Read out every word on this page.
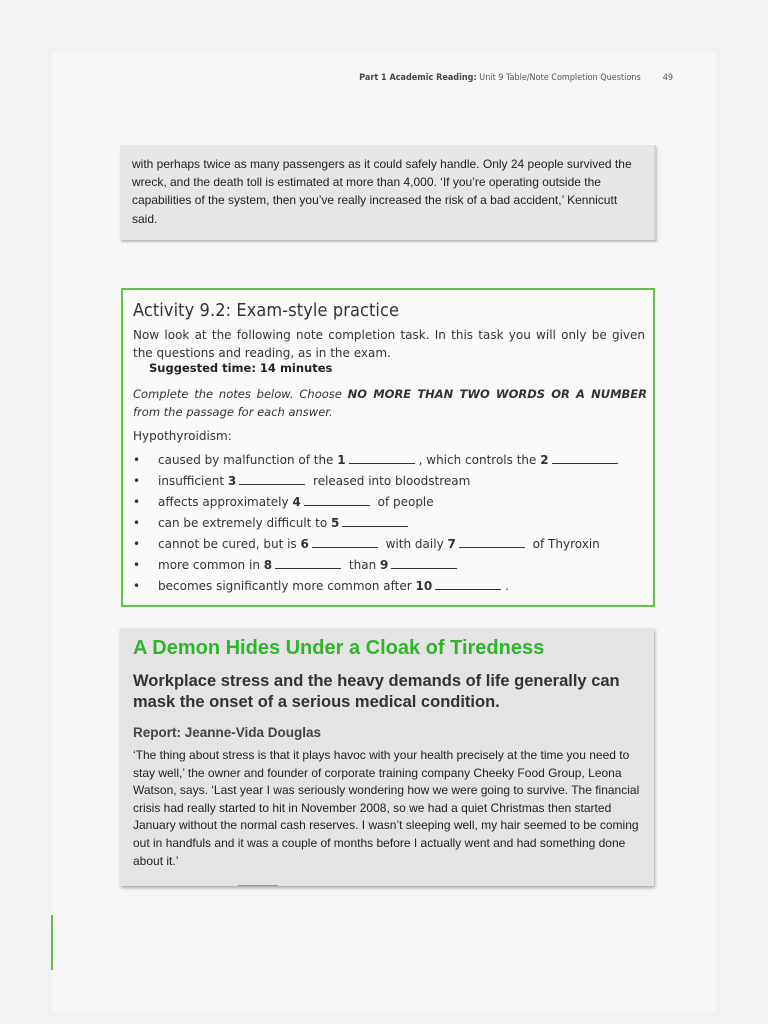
Part 1 Academic Reading: Unit 9 Table/Note Completion Questions 49

with perhaps twice as many passengers as it could safely handle. Only 24 people survived the wreck, and the death toll is estimated at more than 4,000. ‘If you’re operating outside the capabilities of the system, then you’ve really increased the risk of a bad accident,’ Kennicutt said.

Activity 9.2: Exam-style practice
Now look at the following note completion task. In this task you will only be given the questions and reading, as in the exam.
Suggested time: 14 minutes
Complete the notes below. Choose NO MORE THAN TWO WORDS OR A NUMBER from the passage for each answer.
Hypothyroidism:
• caused by malfunction of the 1	, which controls the 2
• insufficient 3	released into bloodstream
• affects approximately 4	of people
• can be extremely difficult to 5
• cannot be cured, but is 6	with daily 7	of Thyroxin
• more common in 8	than 9
• becomes significantly more common after 10	.
A Demon Hides Under a Cloak of Tiredness
Workplace stress and the heavy demands of life generally can mask the onset of a serious medical condition.
Report: Jeanne-Vida Douglas
‘The thing about stress is that it plays havoc with your health precisely at the time you need to stay well,’ the owner and founder of corporate training company Cheeky Food Group, Leona Watson, says. ‘Last year I was seriously wondering how we were going to survive. The financial crisis had really started to hit in November 2008, so we had a quiet Christmas then started January without the normal cash reserves. I wasn’t sleeping well, my hair seemed to be coming out in handfuls and it was a couple of months before I actually went and had something done about it.’
